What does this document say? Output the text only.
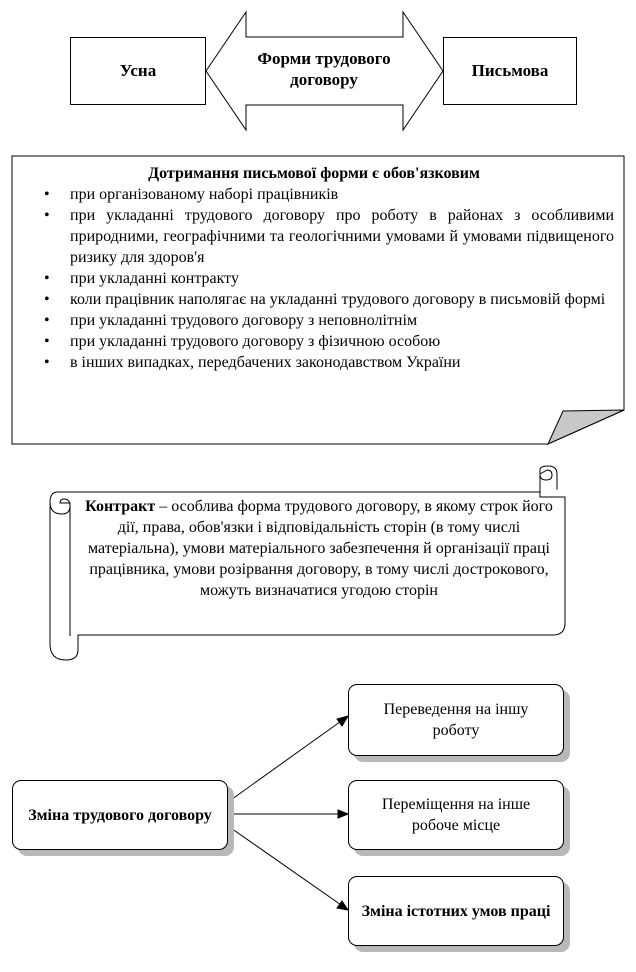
Усна	Письмова
Форми трудового
договору
Дотримання письмової форми є обов'язковим
• при організованому наборі працівників
• при укладанні трудового договору про роботу в районах з особливими природними, географічними та геологічними умовами й умовами підвищеного ризику для здоров'я
• при укладанні контракту
• коли працівник наполягає на укладанні трудового договору в письмовій формі
• при укладанні трудового договору з неповнолітнім
• при укладанні трудового договору з фізичною особою
• в інших випадках, передбачених законодавством України
Контракт – особлива форма трудового договору, в якому строк його дії, права, обов'язки і відповідальність сторін (в тому числі матеріальна), умови матеріального забезпечення й організації праці працівника, умови розірвання договору, в тому числі дострокового, можуть визначатися угодою сторін
Зміна трудового договору
Переведення на іншу роботу
Переміщення на інше робоче місце
Зміна істотних умов праці
